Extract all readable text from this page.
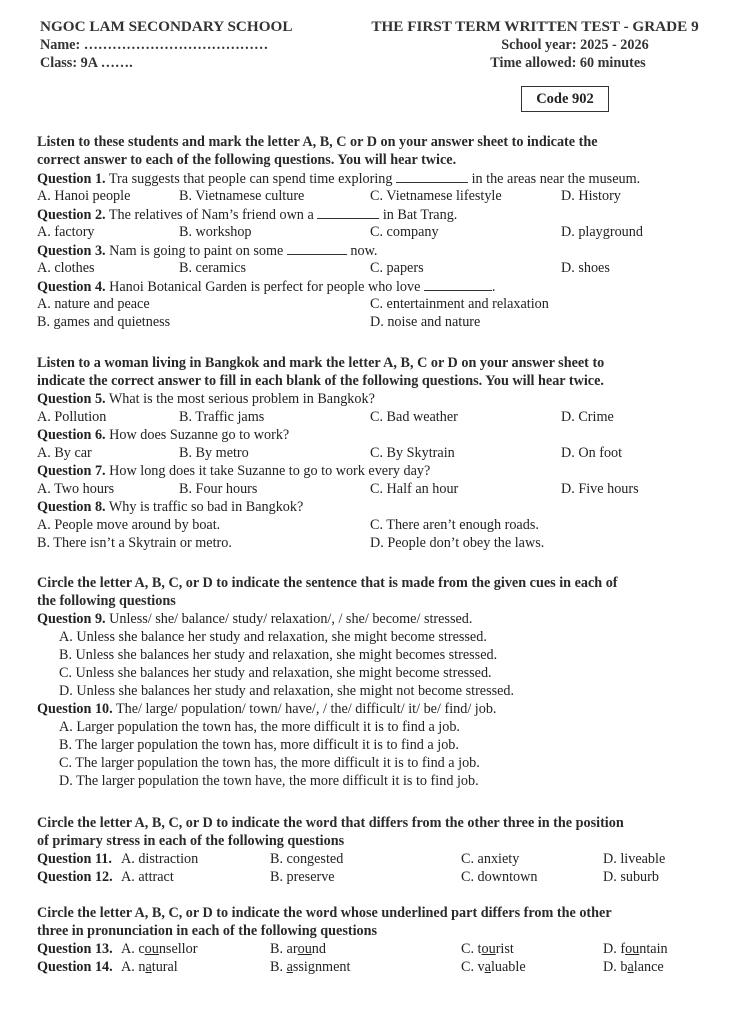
NGOC LAM SECONDARY SCHOOL
Name: …………………………………
Class: 9A …….
THE FIRST TERM WRITTEN TEST - GRADE 9
School year: 2025 - 2026
Time allowed: 60 minutes
Code 902
Listen to these students and mark the letter A, B, C or D on your answer sheet to indicate the
correct answer to each of the following questions. You will hear twice.
Question 1. Tra suggests that people can spend time exploring	in the areas near the museum.
A. Hanoi people	B. Vietnamese culture	C. Vietnamese lifestyle	D. History
Question 2. The relatives of Nam’s friend own a	in Bat Trang.
A. factory	B. workshop	C. company	D. playground
Question 3. Nam is going to paint on some	now.
A. clothes	B. ceramics	C. papers	D. shoes
Question 4. Hanoi Botanical Garden is perfect for people who love	.
A. nature and peace	C. entertainment and relaxation
B. games and quietness	D. noise and nature
Listen to a woman living in Bangkok and mark the letter A, B, C or D on your answer sheet to
indicate the correct answer to fill in each blank of the following questions. You will hear twice.
Question 5. What is the most serious problem in Bangkok?
A. Pollution	B. Traffic jams	C. Bad weather	D. Crime
Question 6. How does Suzanne go to work?
A. By car	B. By metro	C. By Skytrain	D. On foot
Question 7. How long does it take Suzanne to go to work every day?
A. Two hours	B. Four hours	C. Half an hour	D. Five hours
Question 8. Why is traffic so bad in Bangkok?
A. People move around by boat.	C. There aren’t enough roads.
B. There isn’t a Skytrain or metro.	D. People don’t obey the laws.
Circle the letter A, B, C, or D to indicate the sentence that is made from the given cues in each of
the following questions
Question 9. Unless/ she/ balance/ study/ relaxation/, / she/ become/ stressed.
A. Unless she balance her study and relaxation, she might become stressed.
B. Unless she balances her study and relaxation, she might becomes stressed.
C. Unless she balances her study and relaxation, she might become stressed.
D. Unless she balances her study and relaxation, she might not become stressed.
Question 10. The/ large/ population/ town/ have/, / the/ difficult/ it/ be/ find/ job.
A. Larger population the town has, the more difficult it is to find a job.
B. The larger population the town has, more difficult it is to find a job.
C. The larger population the town has, the more difficult it is to find a job.
D. The larger population the town have, the more difficult it is to find job.
Circle the letter A, B, C, or D to indicate the word that differs from the other three in the position
of primary stress in each of the following questions
Question 11. A. distraction	B. congested	C. anxiety	D. liveable
Question 12. A. attract	B. preserve	C. downtown	D. suburb
Circle the letter A, B, C, or D to indicate the word whose underlined part differs from the other
three in pronunciation in each of the following questions
Question 13. A. counsellor	B. around	C. tourist	D. fountain
Question 14. A. natural	B. assignment	C. valuable	D. balance
